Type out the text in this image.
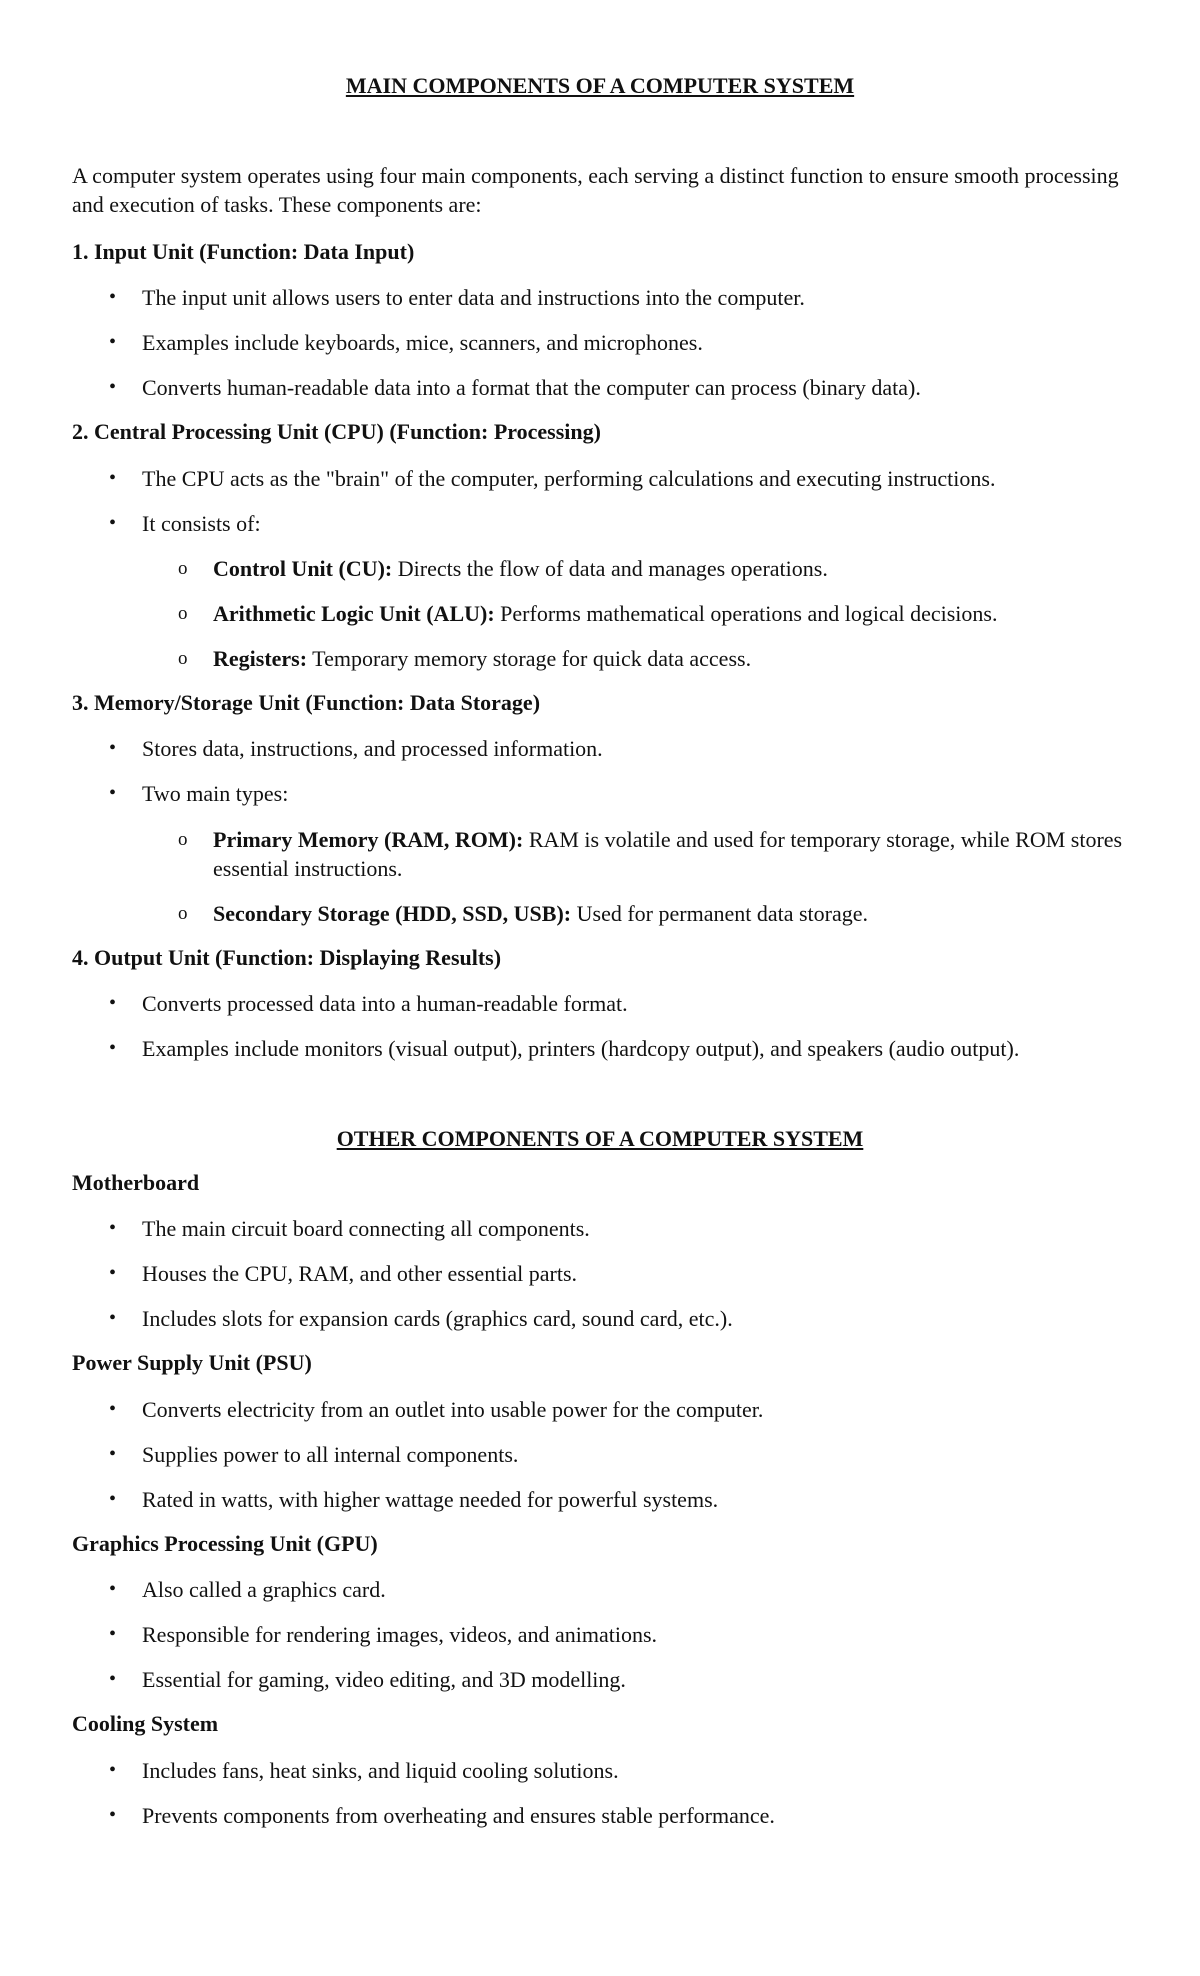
MAIN COMPONENTS OF A COMPUTER SYSTEM
A computer system operates using four main components, each serving a distinct function to ensure smooth processing and execution of tasks. These components are:
1. Input Unit (Function: Data Input)
• The input unit allows users to enter data and instructions into the computer.
• Examples include keyboards, mice, scanners, and microphones.
• Converts human-readable data into a format that the computer can process (binary data).
2. Central Processing Unit (CPU) (Function: Processing)
• The CPU acts as the "brain" of the computer, performing calculations and executing instructions.
• It consists of:
o Control Unit (CU): Directs the flow of data and manages operations.
o Arithmetic Logic Unit (ALU): Performs mathematical operations and logical decisions.
o Registers: Temporary memory storage for quick data access.
3. Memory/Storage Unit (Function: Data Storage)
• Stores data, instructions, and processed information.
• Two main types:
o Primary Memory (RAM, ROM): RAM is volatile and used for temporary storage, while ROM stores essential instructions.
o Secondary Storage (HDD, SSD, USB): Used for permanent data storage.
4. Output Unit (Function: Displaying Results)
• Converts processed data into a human-readable format.
• Examples include monitors (visual output), printers (hardcopy output), and speakers (audio output).
OTHER COMPONENTS OF A COMPUTER SYSTEM
Motherboard
• The main circuit board connecting all components.
• Houses the CPU, RAM, and other essential parts.
• Includes slots for expansion cards (graphics card, sound card, etc.).
Power Supply Unit (PSU)
• Converts electricity from an outlet into usable power for the computer.
• Supplies power to all internal components.
• Rated in watts, with higher wattage needed for powerful systems.
Graphics Processing Unit (GPU)
• Also called a graphics card.
• Responsible for rendering images, videos, and animations.
• Essential for gaming, video editing, and 3D modelling.
Cooling System
• Includes fans, heat sinks, and liquid cooling solutions.
• Prevents components from overheating and ensures stable performance.
